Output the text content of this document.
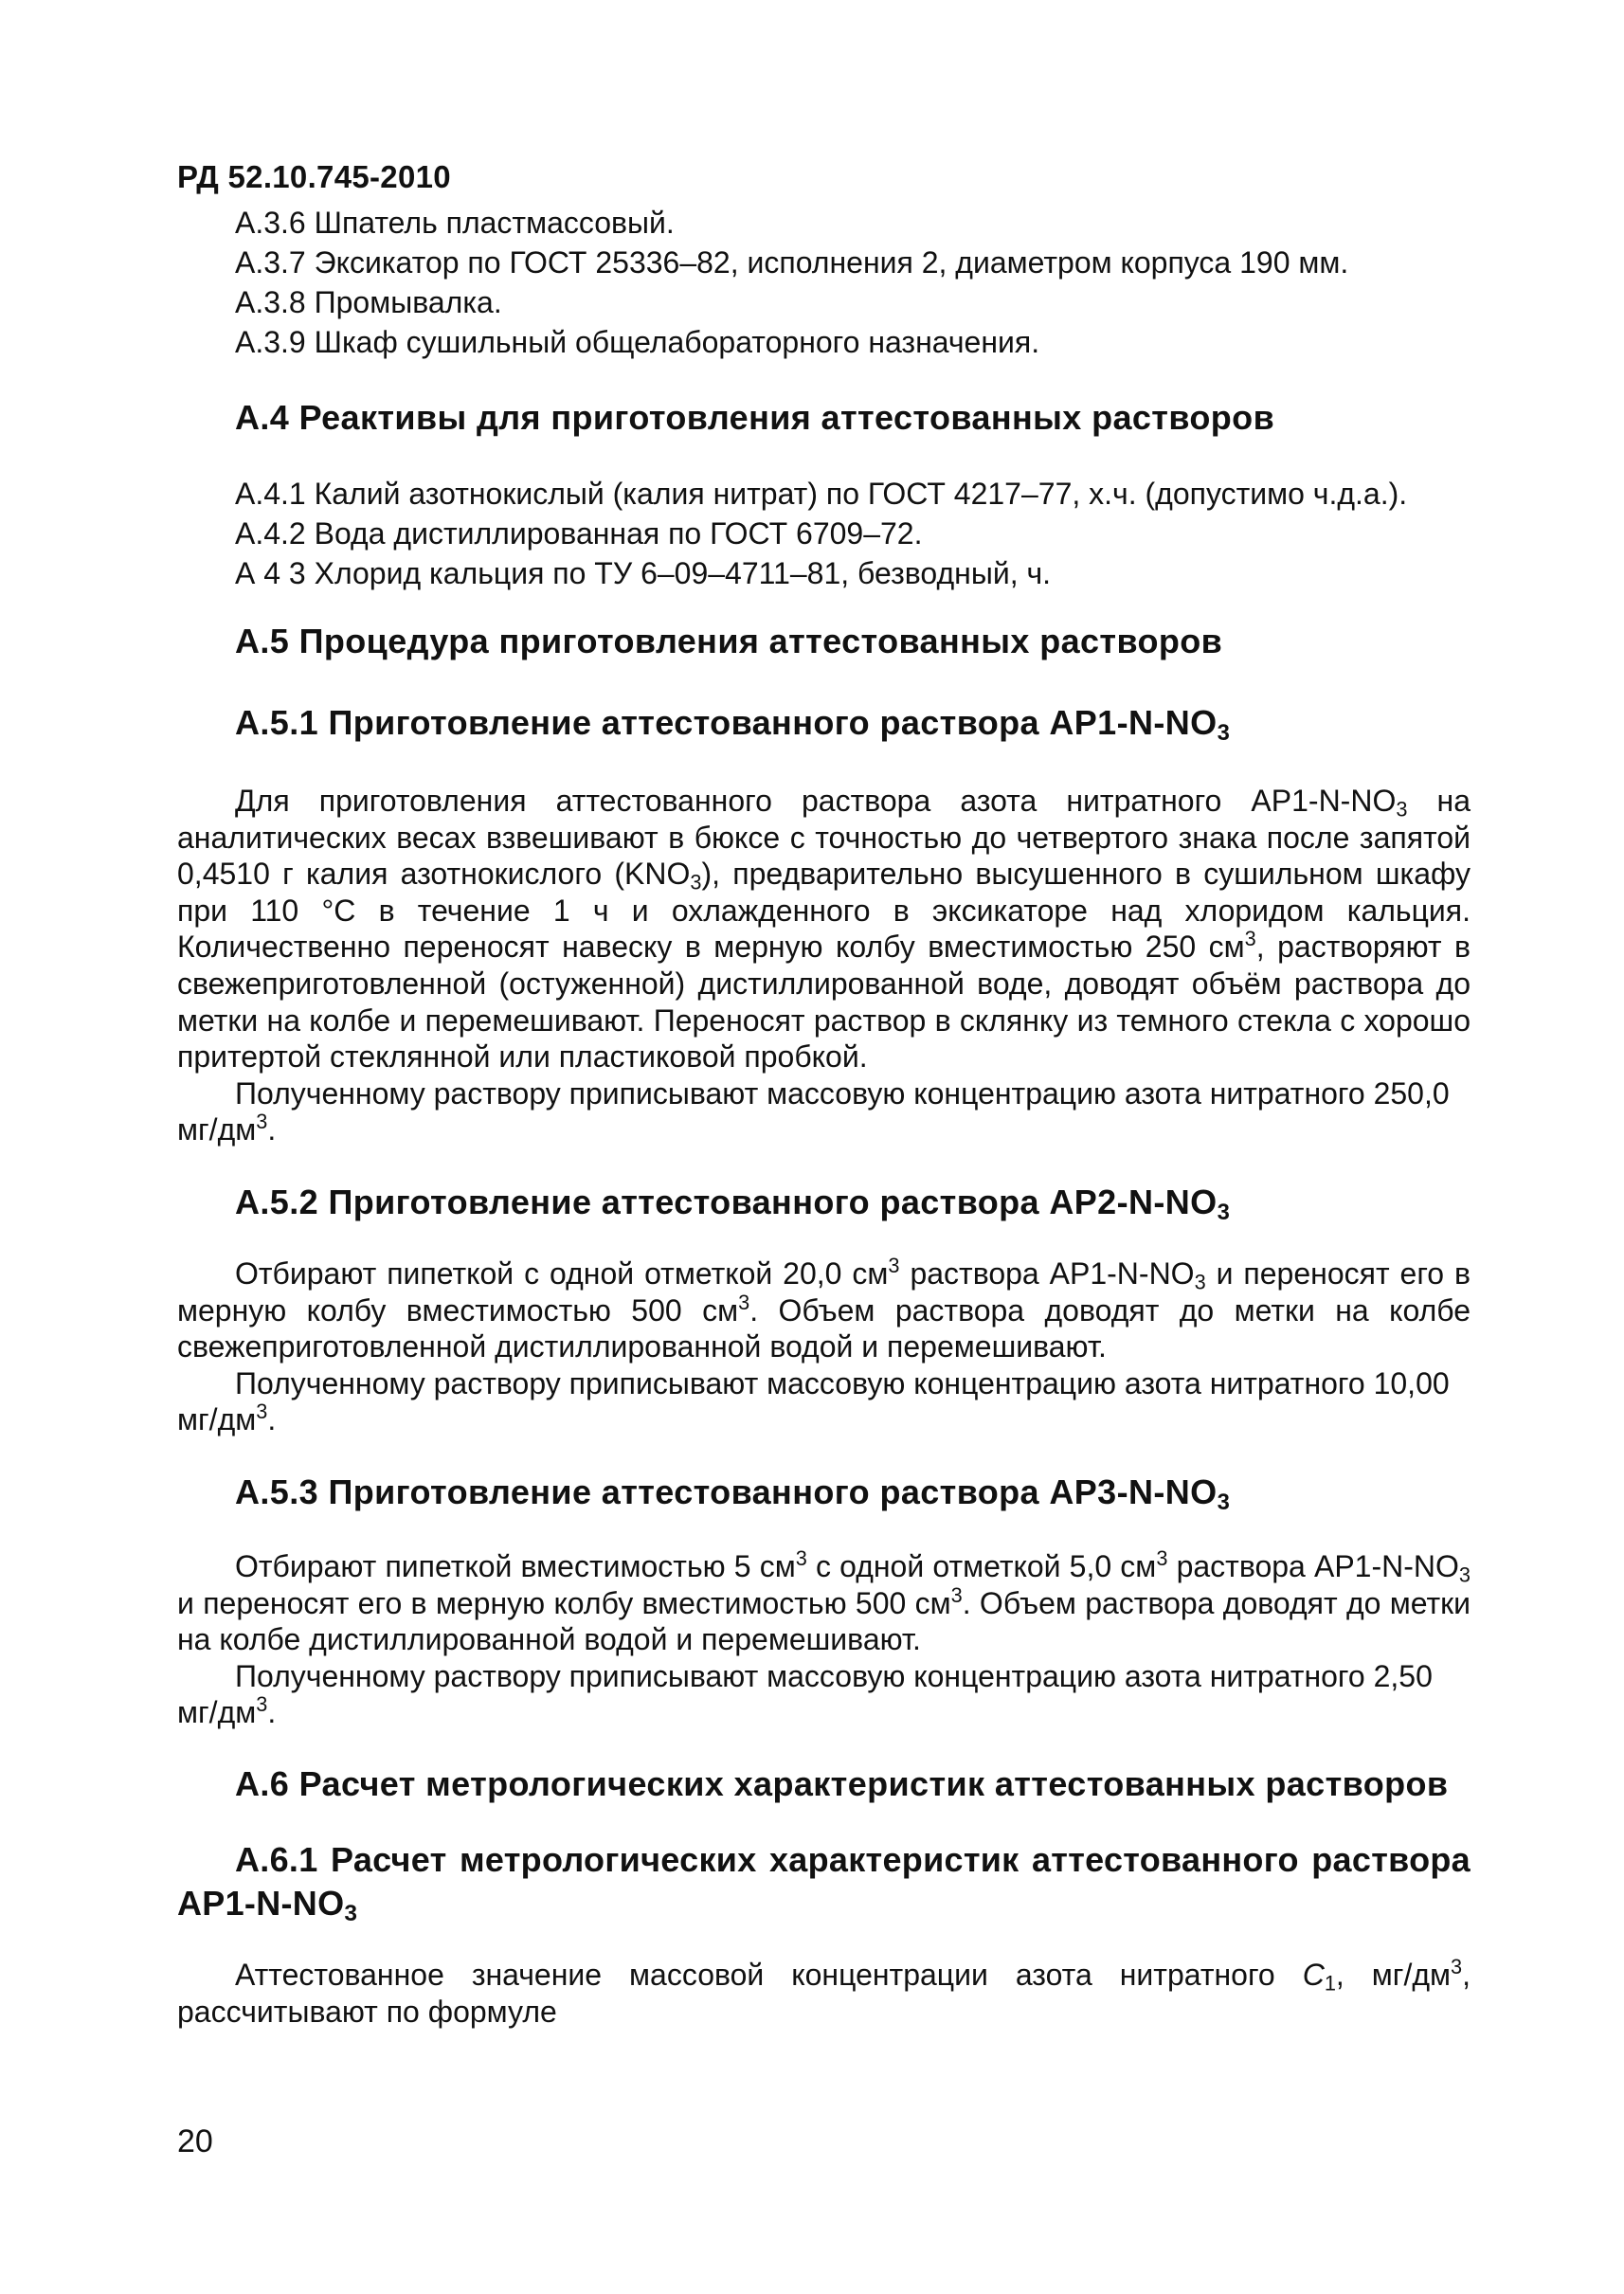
РД 52.10.745-2010
А.3.6 Шпатель пластмассовый.
А.3.7 Эксикатор по ГОСТ 25336–82, исполнения 2, диаметром корпуса 190 мм.
А.3.8 Промывалка.
А.3.9 Шкаф сушильный общелабораторного назначения.
А.4 Реактивы для приготовления аттестованных растворов
А.4.1 Калий азотнокислый (калия нитрат) по ГОСТ 4217–77, х.ч. (допустимо ч.д.а.).
А.4.2 Вода дистиллированная по ГОСТ 6709–72.
А 4 3 Хлорид кальция по ТУ 6–09–4711–81, безводный, ч.
А.5 Процедура приготовления аттестованных растворов
А.5.1 Приготовление аттестованного раствора $АР1-N-NO_3$

Для приготовления аттестованного раствора азота нитратного $АР1-N-NO_3$ на аналитических весах взвешивают в бюксе с точностью до четвертого знака после запятой 0,4510 г калия азотнокислого $(KNO_3)$, предварительно высушенного в сушильном шкафу при 110 °С в течение 1 ч и охлажденного в эксикаторе над хлоридом кальция. Количественно переносят навеску в мерную колбу вместимостью 250 $см^3$, растворяют в свежеприготовленной (остуженной) дистиллированной воде, доводят объём раствора до метки на колбе и перемешивают. Переносят раствор в склянку из темного стекла с хорошо притертой стеклянной или пластиковой пробкой.

Полученному раствору приписывают массовую концентрацию азота нитратного 250,0 $мг/дм^3$.

А.5.2 Приготовление аттестованного раствора $АР2-N-NO_3$

Отбирают пипеткой с одной отметкой 20,0 $см^3$ раствора $АР1-N-NO_3$ и переносят его в мерную колбу вместимостью 500 $см^3$. Объем раствора доводят до метки на колбе свежеприготовленной дистиллированной водой и перемешивают.

Полученному раствору приписывают массовую концентрацию азота нитратного 10,00 $мг/дм^3$.

А.5.3 Приготовление аттестованного раствора $АР3-N-NO_3$

Отбирают пипеткой вместимостью 5 $см^3$ с одной отметкой 5,0 $см^3$ раствора $АР1-N-NO_3$ и переносят его в мерную колбу вместимостью 500 $см^3$. Объем раствора доводят до метки на колбе дистиллированной водой и перемешивают.

Полученному раствору приписывают массовую концентрацию азота нитратного 2,50 $мг/дм^3$.

А.6 Расчет метрологических характеристик аттестованных растворов
А.6.1 Расчет метрологических характеристик аттестованного раствора
$АР1-N-NO_3$

Аттестованное значение массовой концентрации азота нитратного $С_1$, $мг/дм^3$, рассчитывают по формуле

20
